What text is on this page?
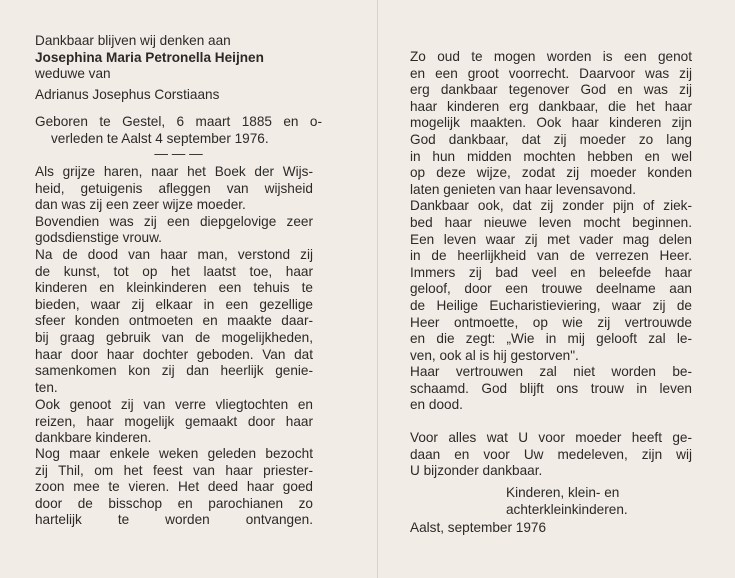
Dankbaar blijven wij denken aan
Josephina Maria Petronella Heijnen
weduwe van
Adrianus Josephus Corstiaans
Geboren te Gestel, 6 maart 1885 en o-
verleden te Aalst 4 september 1976.
— — —
Als grijze haren, naar het Boek der Wijs-
heid, getuigenis afleggen van wijsheid
dan was zij een zeer wijze moeder.
Bovendien was zij een diepgelovige zeer
godsdienstige vrouw.
Na de dood van haar man, verstond zij
de kunst, tot op het laatst toe, haar
kinderen en kleinkinderen een tehuis te
bieden, waar zij elkaar in een gezellige
sfeer konden ontmoeten en maakte daar-
bij graag gebruik van de mogelijkheden,
haar door haar dochter geboden. Van dat
samenkomen kon zij dan heerlijk genie-
ten.
Ook genoot zij van verre vliegtochten en
reizen, haar mogelijk gemaakt door haar
dankbare kinderen.
Nog maar enkele weken geleden bezocht
zij Thil, om het feest van haar priester-
zoon mee te vieren. Het deed haar goed
door de bisschop en parochianen zo
hartelijk te worden ontvangen.
Zo oud te mogen worden is een genot
en een groot voorrecht. Daarvoor was zij
erg dankbaar tegenover God en was zij
haar kinderen erg dankbaar, die het haar
mogelijk maakten. Ook haar kinderen zijn
God dankbaar, dat zij moeder zo lang
in hun midden mochten hebben en wel
op deze wijze, zodat zij moeder konden
laten genieten van haar levensavond.
Dankbaar ook, dat zij zonder pijn of ziek-
bed haar nieuwe leven mocht beginnen.
Een leven waar zij met vader mag delen
in de heerlijkheid van de verrezen Heer.
Immers zij bad veel en beleefde haar
geloof, door een trouwe deelname aan
de Heilige Eucharistieviering, waar zij de
Heer ontmoette, op wie zij vertrouwde
en die zegt: „Wie in mij gelooft zal le-
ven, ook al is hij gestorven".
Haar vertrouwen zal niet worden be-
schaamd. God blijft ons trouw in leven
en dood.
Voor alles wat U voor moeder heeft ge-
daan en voor Uw medeleven, zijn wij
U bijzonder dankbaar.
Kinderen, klein- en
achterkleinkinderen.
Aalst, september 1976
